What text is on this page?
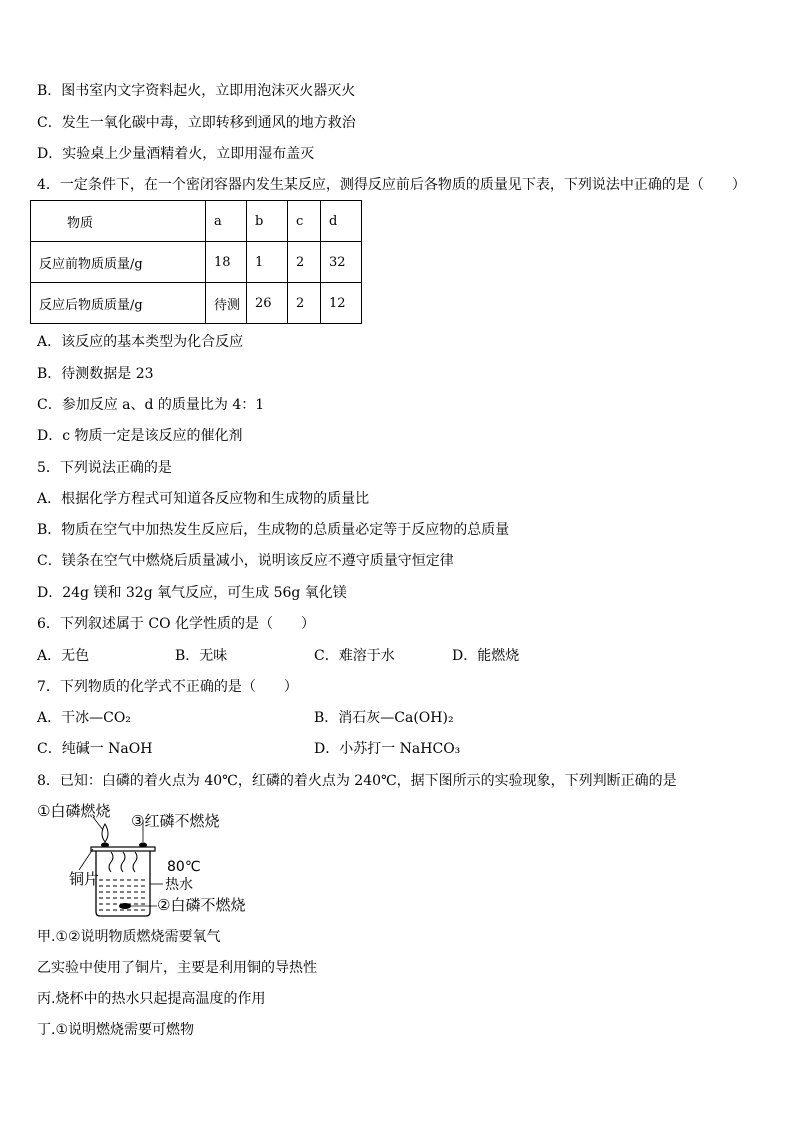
B．图书室内文字资料起火，立即用泡沫灭火器灭火
C．发生一氧化碳中毒，立即转移到通风的地方救治
D．实验桌上少量酒精着火，立即用湿布盖灭
4．一定条件下，在一个密闭容器内发生某反应，测得反应前后各物质的质量见下表，下列说法中正确的是（　　）
物质	a	b	c	d
反应前物质质量/g	18	1	2	32
反应后物质质量/g	待测	26	2	12
A．该反应的基本类型为化合反应
B．待测数据是 23
C．参加反应 a、d 的质量比为 4：1
D．c 物质一定是该反应的催化剂
5．下列说法正确的是
A．根据化学方程式可知道各反应物和生成物的质量比
B．物质在空气中加热发生反应后，生成物的总质量必定等于反应物的总质量
C．镁条在空气中燃烧后质量减小，说明该反应不遵守质量守恒定律
D．24g 镁和 32g 氧气反应，可生成 56g 氧化镁
6．下列叙述属于 CO 化学性质的是（　　）
A．无色	B．无味	C．难溶于水	D．能燃烧
7．下列物质的化学式不正确的是（　　）
A．干冰—CO₂	B．消石灰—Ca(OH)₂
C．纯碱一 NaOH	D．小苏打一 NaHCO₃
8．已知：白磷的着火点为 40℃，红磷的着火点为 240℃，据下图所示的实验现象，下列判断正确的是
①白磷燃烧
③红磷不燃烧
铜片
80℃
热水
②白磷不燃烧
甲.①②说明物质燃烧需要氧气
乙实验中使用了铜片，主要是利用铜的导热性
丙.烧杯中的热水只起提高温度的作用
丁.①说明燃烧需要可燃物
